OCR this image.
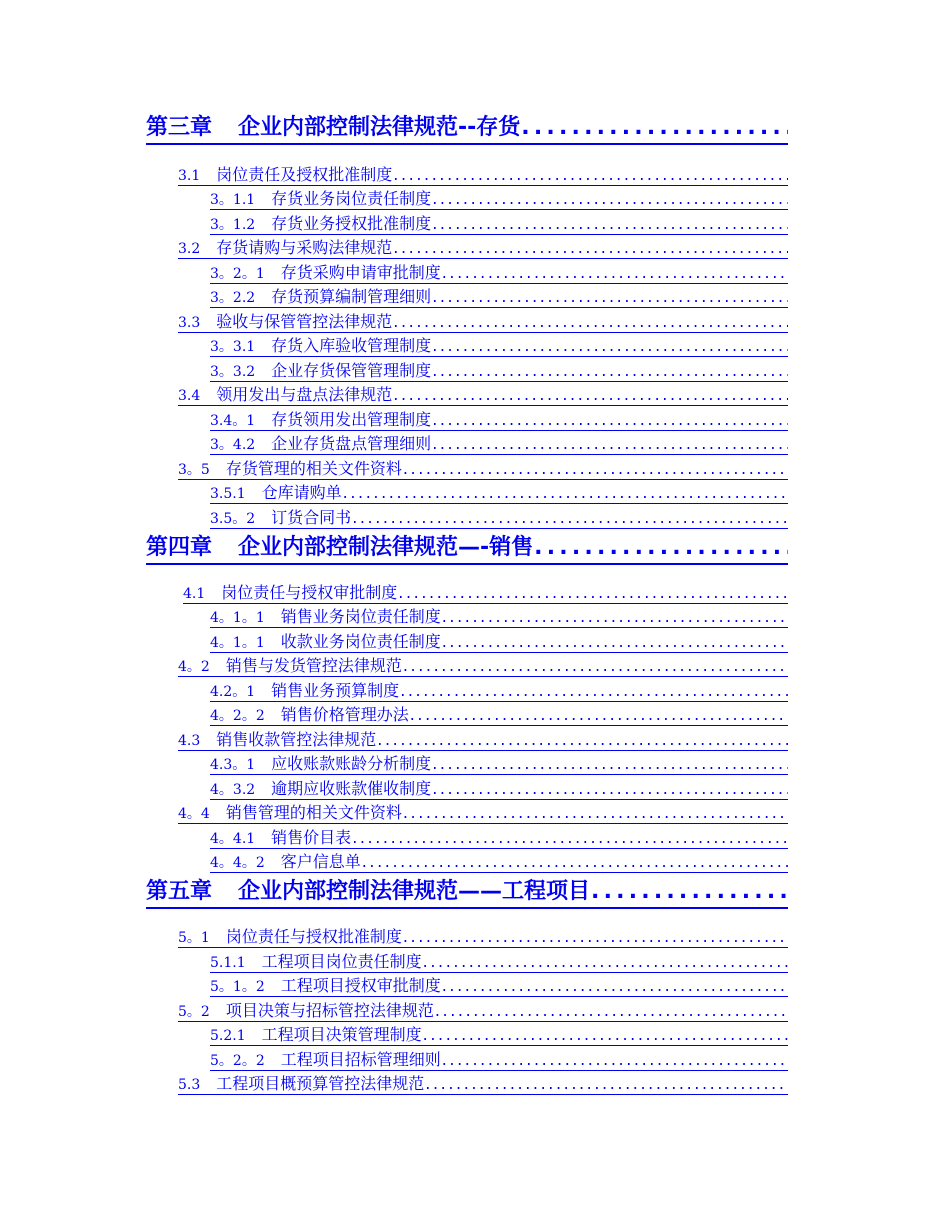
第三章 企业内部控制法律规范--存货
.....
3.1 岗位责任及授权批准制度
.....
3。1.1 存货业务岗位责任制度
.....
3。1.2 存货业务授权批准制度
.....
3.2 存货请购与采购法律规范
.....
3。2。1 存货采购申请审批制度
.....
3。2.2 存货预算编制管理细则
.....
3.3 验收与保管管控法律规范
.....
3。3.1 存货入库验收管理制度
.....
3。3.2 企业存货保管管理制度
.....
3.4 领用发出与盘点法律规范
.....
3.4。1 存货领用发出管理制度
.....
3。4.2 企业存货盘点管理细则
.....
3。5 存货管理的相关文件资料
.....
3.5.1 仓库请购单
.....
3.5。2 订货合同书
.....
第四章 企业内部控制法律规范—-销售
.....
4.1 岗位责任与授权审批制度
.....
4。1。1 销售业务岗位责任制度
.....
4。1。1 收款业务岗位责任制度
.....
4。2 销售与发货管控法律规范
.....
4.2。1 销售业务预算制度
.....
4。2。2 销售价格管理办法
.....
4.3 销售收款管控法律规范
.....
4.3。1 应收账款账龄分析制度
.....
4。3.2 逾期应收账款催收制度
.....
4。4 销售管理的相关文件资料
.....
4。4.1 销售价目表
.....
4。4。2 客户信息单
.....
第五章 企业内部控制法律规范——工程项目
.....
5。1 岗位责任与授权批准制度
.....
5.1.1 工程项目岗位责任制度
.....
5。1。2 工程项目授权审批制度
.....
5。2 项目决策与招标管控法律规范
.....
5.2.1 工程项目决策管理制度
.....
5。2。2 工程项目招标管理细则
.....
5.3 工程项目概预算管控法律规范
.....
